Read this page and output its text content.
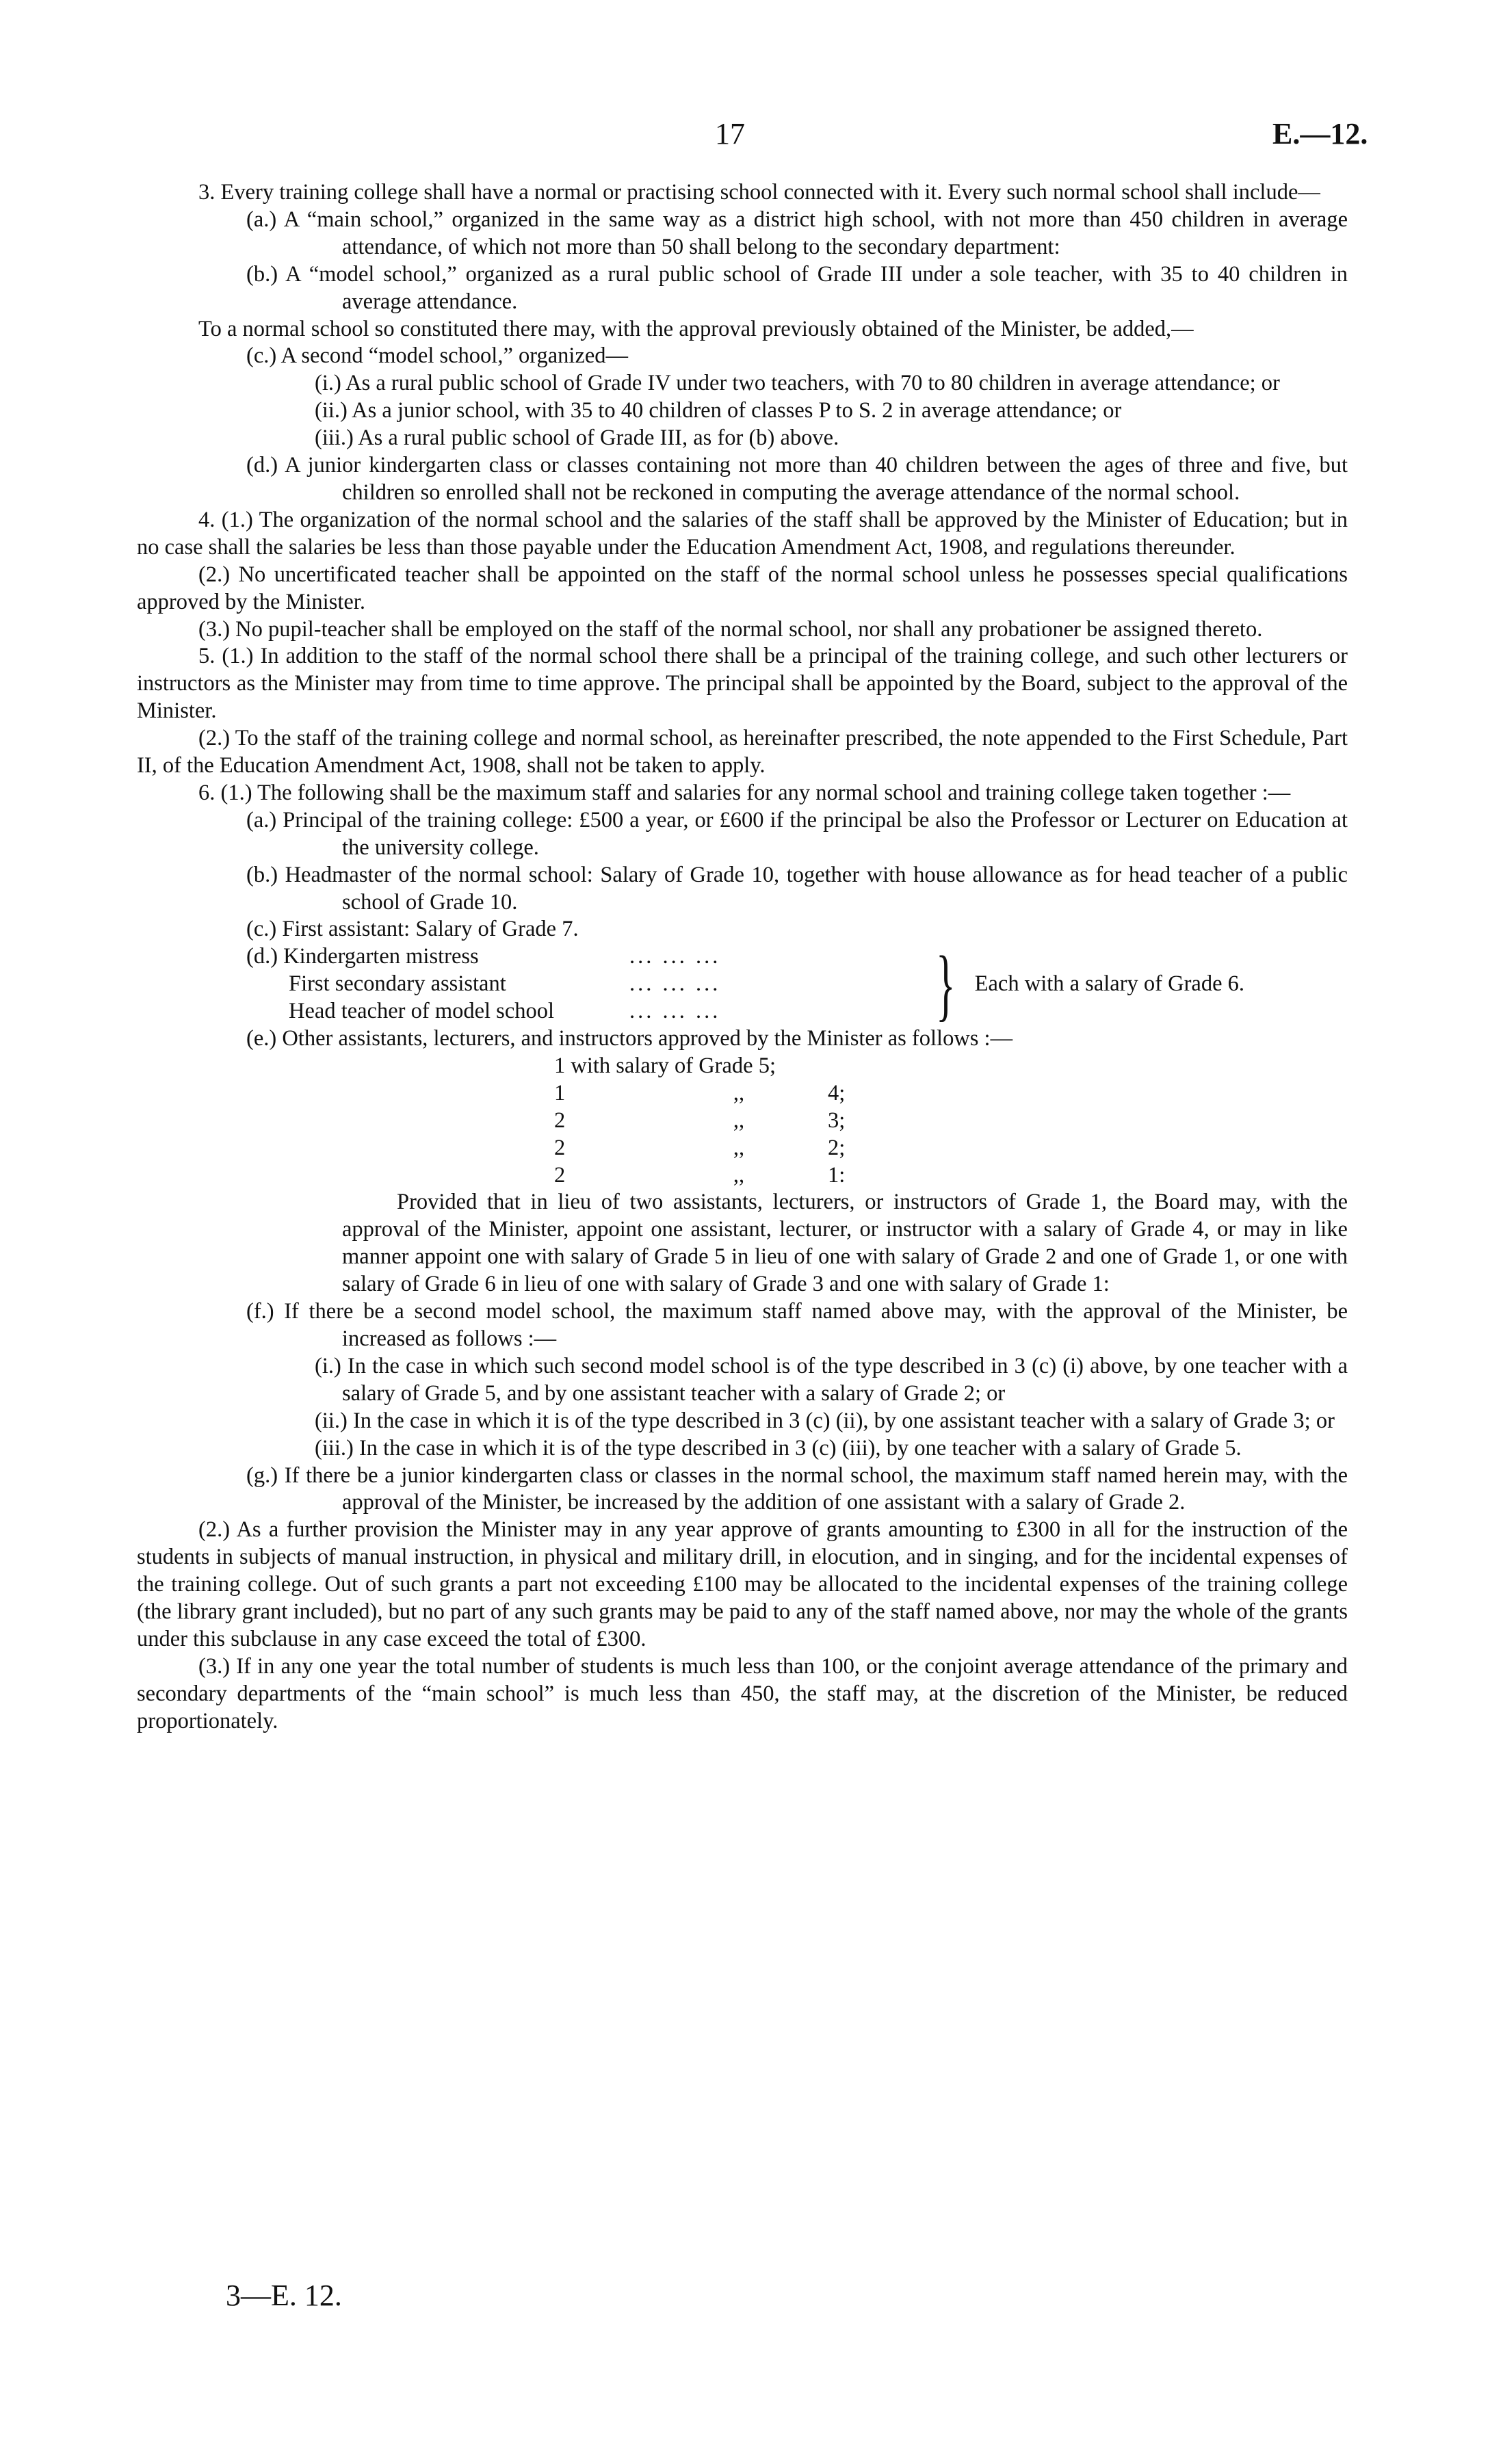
17	E.—12.

3. Every training college shall have a normal or practising school connected with it. Every such normal school shall include—

(a.) A “main school,” organized in the same way as a district high school, with not more than 450 children in average attendance, of which not more than 50 shall belong to the secondary department:

(b.) A “model school,” organized as a rural public school of Grade III under a sole teacher, with 35 to 40 children in average attendance.

To a normal school so constituted there may, with the approval previously obtained of the Minister, be added,—

(c.) A second “model school,” organized—

(i.) As a rural public school of Grade IV under two teachers, with 70 to 80 children in average attendance; or

(ii.) As a junior school, with 35 to 40 children of classes P to S. 2 in average attendance; or

(iii.) As a rural public school of Grade III, as for (b) above.

(d.) A junior kindergarten class or classes containing not more than 40 children between the ages of three and five, but children so enrolled shall not be reckoned in computing the average attendance of the normal school.

4. (1.) The organization of the normal school and the salaries of the staff shall be approved by the Minister of Education; but in no case shall the salaries be less than those payable under the Education Amendment Act, 1908, and regulations thereunder.

(2.) No uncertificated teacher shall be appointed on the staff of the normal school unless he possesses special qualifications approved by the Minister.

(3.) No pupil-teacher shall be employed on the staff of the normal school, nor shall any probationer be assigned thereto.

5. (1.) In addition to the staff of the normal school there shall be a principal of the training college, and such other lecturers or instructors as the Minister may from time to time approve. The principal shall be appointed by the Board, subject to the approval of the Minister.

(2.) To the staff of the training college and normal school, as hereinafter prescribed, the note appended to the First Schedule, Part II, of the Education Amendment Act, 1908, shall not be taken to apply.

6. (1.) The following shall be the maximum staff and salaries for any normal school and training college taken together :—

(a.) Principal of the training college: £500 a year, or £600 if the principal be also the Professor or Lecturer on Education at the university college.

(b.) Headmaster of the normal school: Salary of Grade 10, together with house allowance as for head teacher of a public school of Grade 10.

(c.) First assistant: Salary of Grade 7.

(d.) Kindergarten mistress	... ... ...
First secondary assistant	... ... ...
Head teacher of model school	... ... ...	} Each with a salary of Grade 6.

(e.) Other assistants, lecturers, and instructors approved by the Minister as follows :—

1 with salary of Grade 5;
1	,,	4;
2	,,	3;
2	,,	2;
2	,,	1:

Provided that in lieu of two assistants, lecturers, or instructors of Grade 1, the Board may, with the approval of the Minister, appoint one assistant, lecturer, or instructor with a salary of Grade 4, or may in like manner appoint one with salary of Grade 5 in lieu of one with salary of Grade 2 and one of Grade 1, or one with salary of Grade 6 in lieu of one with salary of Grade 3 and one with salary of Grade 1:

(f.) If there be a second model school, the maximum staff named above may, with the approval of the Minister, be increased as follows :—

(i.) In the case in which such second model school is of the type described in 3 (c) (i) above, by one teacher with a salary of Grade 5, and by one assistant teacher with a salary of Grade 2; or

(ii.) In the case in which it is of the type described in 3 (c) (ii), by one assistant teacher with a salary of Grade 3; or

(iii.) In the case in which it is of the type described in 3 (c) (iii), by one teacher with a salary of Grade 5.

(g.) If there be a junior kindergarten class or classes in the normal school, the maximum staff named herein may, with the approval of the Minister, be increased by the addition of one assistant with a salary of Grade 2.

(2.) As a further provision the Minister may in any year approve of grants amounting to £300 in all for the instruction of the students in subjects of manual instruction, in physical and military drill, in elocution, and in singing, and for the incidental expenses of the training college. Out of such grants a part not exceeding £100 may be allocated to the incidental expenses of the training college (the library grant included), but no part of any such grants may be paid to any of the staff named above, nor may the whole of the grants under this subclause in any case exceed the total of £300.

(3.) If in any one year the total number of students is much less than 100, or the conjoint average attendance of the primary and secondary departments of the “main school” is much less than 450, the staff may, at the discretion of the Minister, be reduced proportionately.

3—E. 12.
